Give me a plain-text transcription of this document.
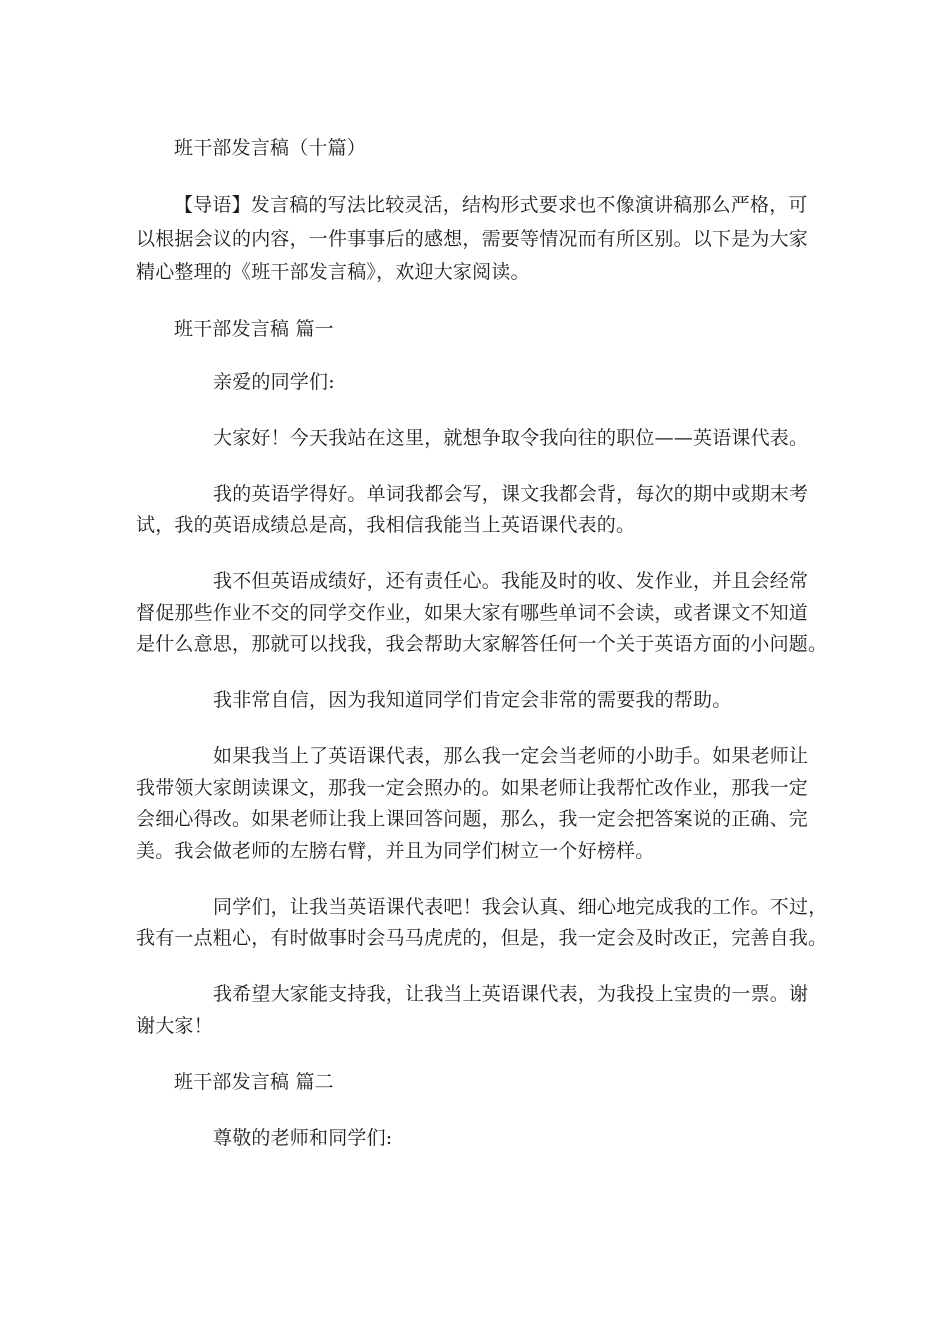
班干部发言稿（十篇）
【导语】发言稿的写法比较灵活，结构形式要求也不像演讲稿那么严格，可
以根据会议的内容，一件事事后的感想，需要等情况而有所区别。以下是为大家
精心整理的《班干部发言稿》，欢迎大家阅读。
班干部发言稿 篇一
亲爱的同学们:
大家好！今天我站在这里，就想争取令我向往的职位——英语课代表。
我的英语学得好。单词我都会写，课文我都会背，每次的期中或期末考
试，我的英语成绩总是高，我相信我能当上英语课代表的。
我不但英语成绩好，还有责任心。我能及时的收、发作业，并且会经常
督促那些作业不交的同学交作业，如果大家有哪些单词不会读，或者课文不知道
是什么意思，那就可以找我，我会帮助大家解答任何一个关于英语方面的小问题。
我非常自信，因为我知道同学们肯定会非常的需要我的帮助。
如果我当上了英语课代表，那么我一定会当老师的小助手。如果老师让
我带领大家朗读课文，那我一定会照办的。如果老师让我帮忙改作业，那我一定
会细心得改。如果老师让我上课回答问题，那么，我一定会把答案说的正确、完
美。我会做老师的左膀右臂，并且为同学们树立一个好榜样。
同学们，让我当英语课代表吧！我会认真、细心地完成我的工作。不过，
我有一点粗心，有时做事时会马马虎虎的，但是，我一定会及时改正，完善自我。
我希望大家能支持我，让我当上英语课代表，为我投上宝贵的一票。谢
谢大家！
班干部发言稿 篇二
尊敬的老师和同学们:
